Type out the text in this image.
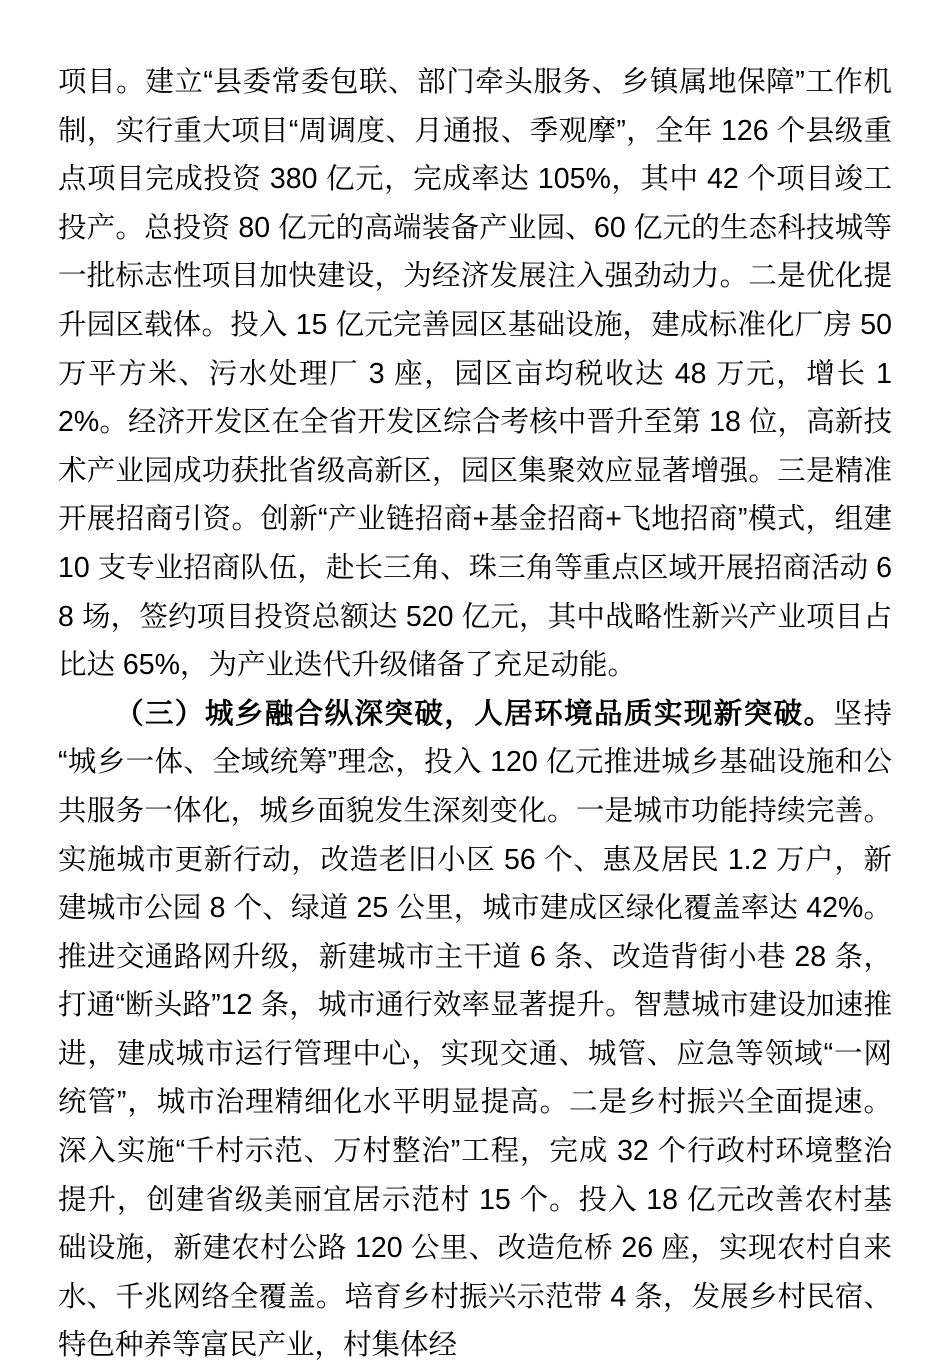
项目。建立“县委常委包联、部门牵头服务、乡镇属地保障”工作机制，实行重大项目“周调度、月通报、季观摩”，全年 126 个县级重点项目完成投资 380 亿元，完成率达 105%，其中 42 个项目竣工投产。总投资 80 亿元的高端装备产业园、60 亿元的生态科技城等一批标志性项目加快建设，为经济发展注入强劲动力。二是优化提升园区载体。投入 15 亿元完善园区基础设施，建成标准化厂房 50 万平方米、污水处理厂 3 座，园区亩均税收达 48 万元，增长 12%。经济开发区在全省开发区综合考核中晋升至第 18 位，高新技术产业园成功获批省级高新区，园区集聚效应显著增强。三是精准开展招商引资。创新“产业链招商+基金招商+飞地招商”模式，组建 10 支专业招商队伍，赴长三角、珠三角等重点区域开展招商活动 68 场，签约项目投资总额达 520 亿元，其中战略性新兴产业项目占比达 65%，为产业迭代升级储备了充足动能。

（三）城乡融合纵深突破，人居环境品质实现新突破。坚持“城乡一体、全域统筹”理念，投入 120 亿元推进城乡基础设施和公共服务一体化，城乡面貌发生深刻变化。一是城市功能持续完善。实施城市更新行动，改造老旧小区 56 个、惠及居民 1.2 万户，新建城市公园 8 个、绿道 25 公里，城市建成区绿化覆盖率达 42%。推进交通路网升级，新建城市主干道 6 条、改造背街小巷 28 条，打通“断头路”12 条，城市通行效率显著提升。智慧城市建设加速推进，建成城市运行管理中心，实现交通、城管、应急等领域“一网统管”，城市治理精细化水平明显提高。二是乡村振兴全面提速。深入实施“千村示范、万村整治”工程，完成 32 个行政村环境整治提升，创建省级美丽宜居示范村 15 个。投入 18 亿元改善农村基础设施，新建农村公路 120 公里、改造危桥 26 座，实现农村自来水、千兆网络全覆盖。培育乡村振兴示范带 4 条，发展乡村民宿、特色种养等富民产业，村集体经
